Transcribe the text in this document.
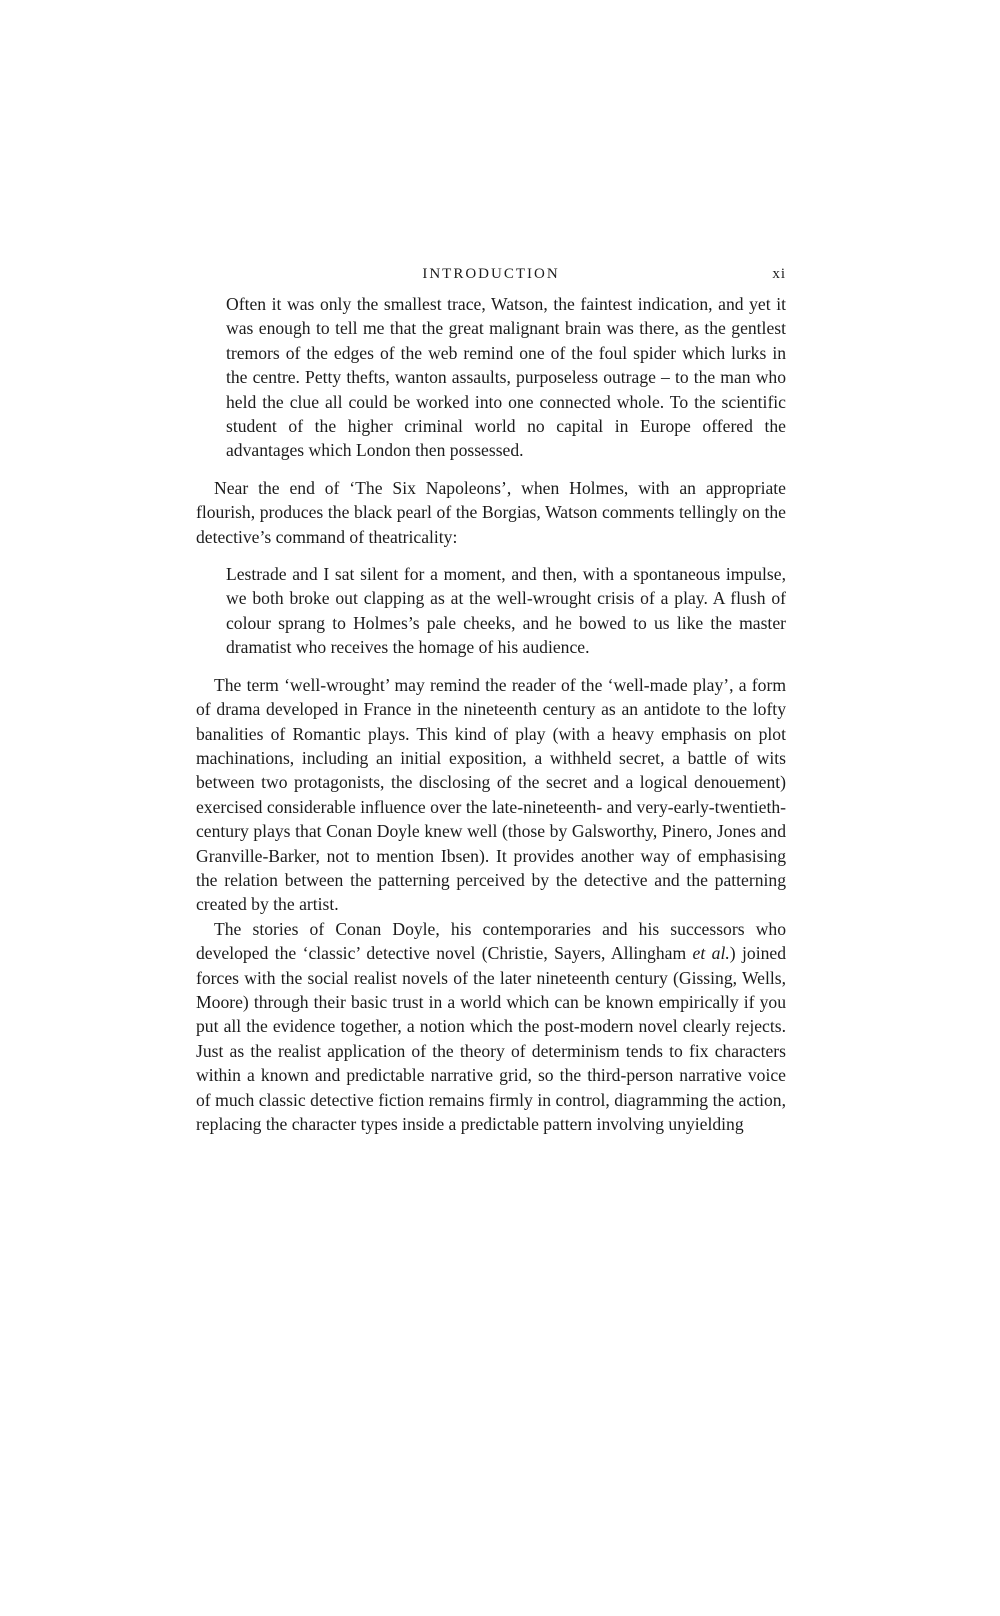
INTRODUCTION	xi

Often it was only the smallest trace, Watson, the faintest indication, and yet it was enough to tell me that the great malignant brain was there, as the gentlest tremors of the edges of the web remind one of the foul spider which lurks in the centre. Petty thefts, wanton assaults, purposeless outrage – to the man who held the clue all could be worked into one connected whole. To the scientific student of the higher criminal world no capital in Europe offered the advantages which London then possessed.

Near the end of ‘The Six Napoleons’, when Holmes, with an appropriate flourish, produces the black pearl of the Borgias, Watson comments tellingly on the detective’s command of theatricality:

Lestrade and I sat silent for a moment, and then, with a spontaneous impulse, we both broke out clapping as at the well-wrought crisis of a play. A flush of colour sprang to Holmes’s pale cheeks, and he bowed to us like the master dramatist who receives the homage of his audience.

The term ‘well-wrought’ may remind the reader of the ‘well-made play’, a form of drama developed in France in the nineteenth century as an antidote to the lofty banalities of Romantic plays. This kind of play (with a heavy emphasis on plot machinations, including an initial exposition, a withheld secret, a battle of wits between two protagonists, the disclosing of the secret and a logical denouement) exercised considerable influence over the late-nineteenth- and very-early-twentieth-century plays that Conan Doyle knew well (those by Galsworthy, Pinero, Jones and Granville-Barker, not to mention Ibsen). It provides another way of emphasising the relation between the patterning perceived by the detective and the patterning created by the artist.

The stories of Conan Doyle, his contemporaries and his successors who developed the ‘classic’ detective novel (Christie, Sayers, Allingham et al.) joined forces with the social realist novels of the later nineteenth century (Gissing, Wells, Moore) through their basic trust in a world which can be known empirically if you put all the evidence together, a notion which the post-modern novel clearly rejects. Just as the realist application of the theory of determinism tends to fix characters within a known and predictable narrative grid, so the third-person narrative voice of much classic detective fiction remains firmly in control, diagramming the action, replacing the character types inside a predictable pattern involving unyielding
